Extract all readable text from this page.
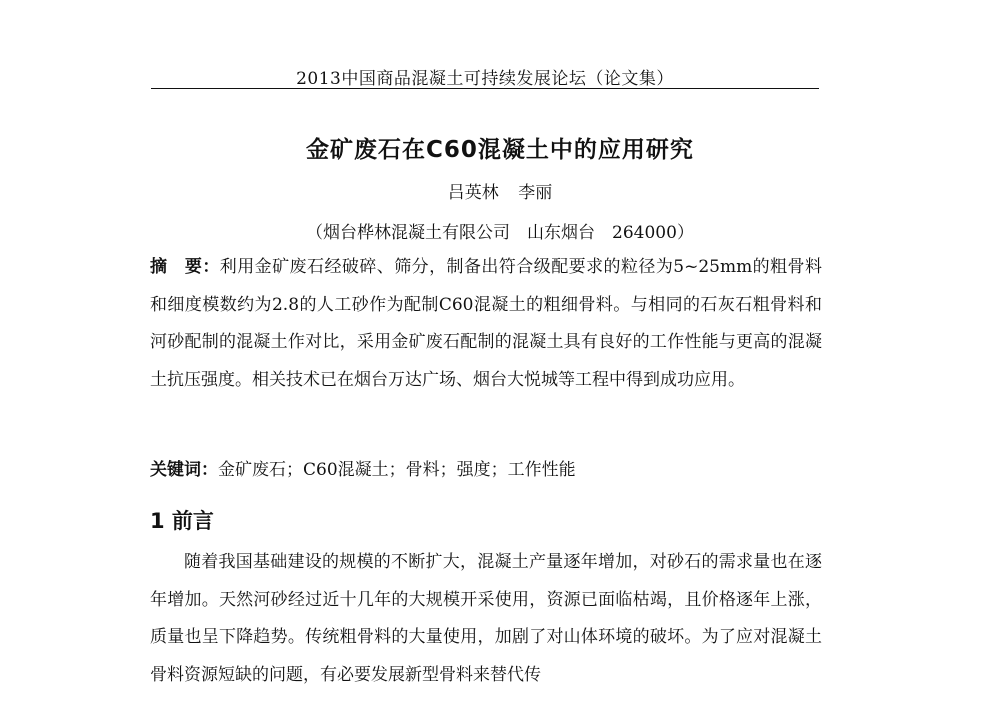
2013中国商品混凝土可持续发展论坛（论文集）
金矿废石在C60混凝土中的应用研究
吕英林 李丽
（烟台桦林混凝土有限公司　山东烟台　264000）
摘　要：利用金矿废石经破碎、筛分，制备出符合级配要求的粒径为5~25mm的粗骨料和细度模数约为2.8的人工砂作为配制C60混凝土的粗细骨料。与相同的石灰石粗骨料和河砂配制的混凝土作对比，采用金矿废石配制的混凝土具有良好的工作性能与更高的混凝土抗压强度。相关技术已在烟台万达广场、烟台大悦城等工程中得到成功应用。
关键词：金矿废石；C60混凝土；骨料；强度；工作性能
1 前言
随着我国基础建设的规模的不断扩大，混凝土产量逐年增加，对砂石的需求量也在逐年增加。天然河砂经过近十几年的大规模开采使用，资源已面临枯竭，且价格逐年上涨，质量也呈下降趋势。传统粗骨料的大量使用，加剧了对山体环境的破坏。为了应对混凝土骨料资源短缺的问题，有必要发展新型骨料来替代传
